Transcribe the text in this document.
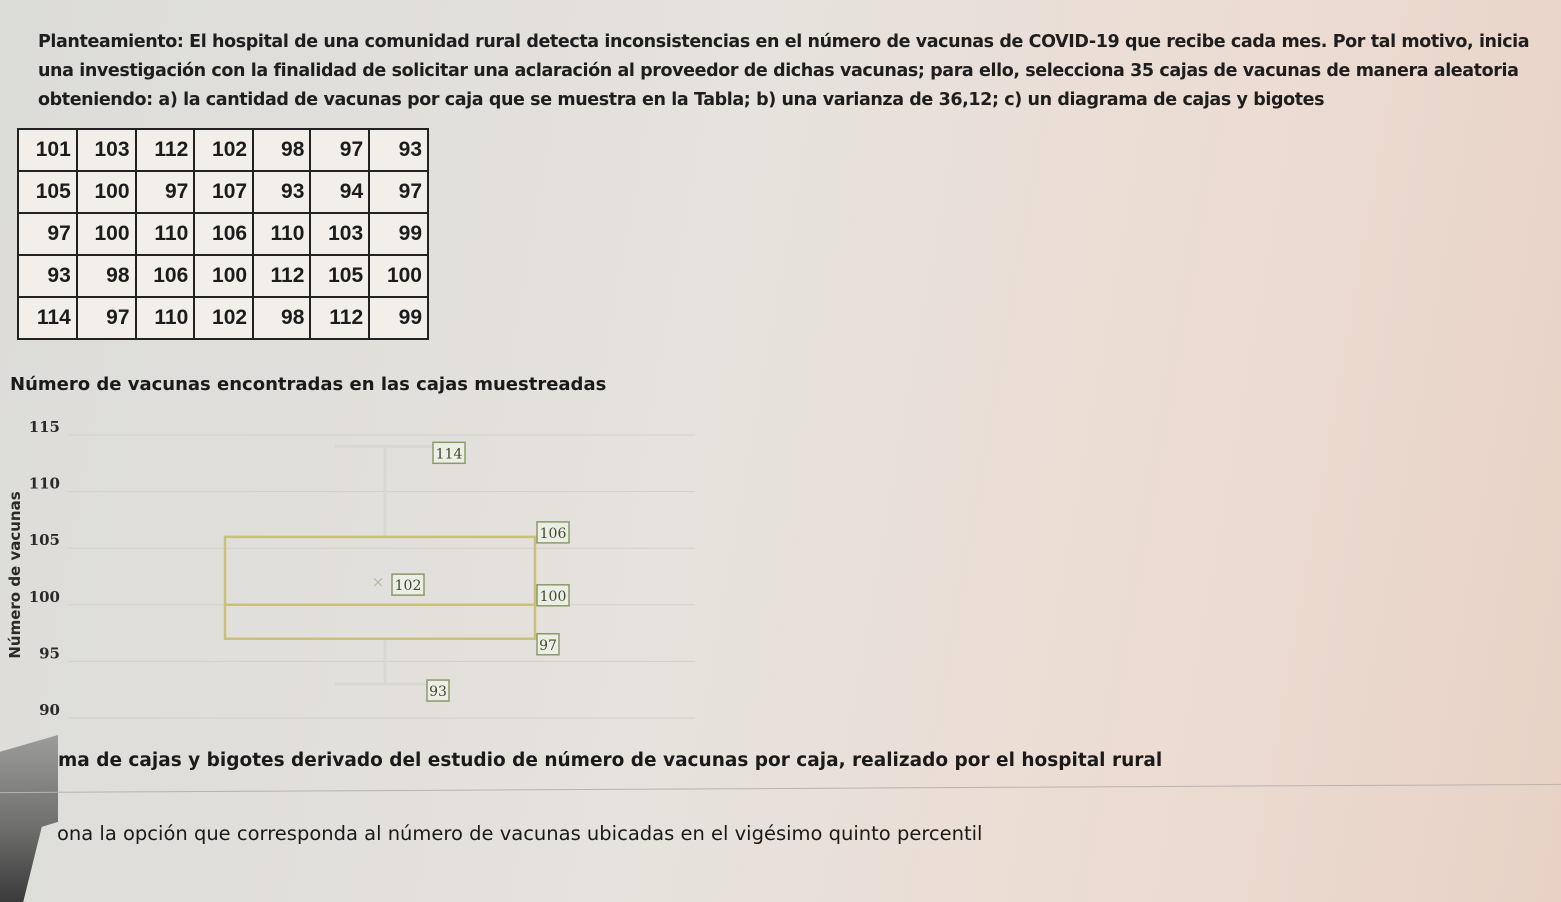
Planteamiento: El hospital de una comunidad rural detecta inconsistencias en el número de vacunas de COVID-19 que recibe cada mes. Por tal motivo, inicia una investigación con la finalidad de solicitar una aclaración al proveedor de dichas vacunas; para ello, selecciona 35 cajas de vacunas de manera aleatoria obteniendo: a) la cantidad de vacunas por caja que se muestra en la Tabla; b) una varianza de 36,12; c) un diagrama de cajas y bigotes
101	103	112	102	98	97	93
105	100	97	107	93	94	97
97	100	110	106	110	103	99
93	98	106	100	112	105	100
114	97	110	102	98	112	99
Número de vacunas encontradas en las cajas muestreadas
90
95
100
105
110
115
Número de vacunas	×
114
106
102
100
97
93
ma de cajas y bigotes derivado del estudio de número de vacunas por caja, realizado por el hospital rural
ona la opción que corresponda al número de vacunas ubicadas en el vigésimo quinto percentil
